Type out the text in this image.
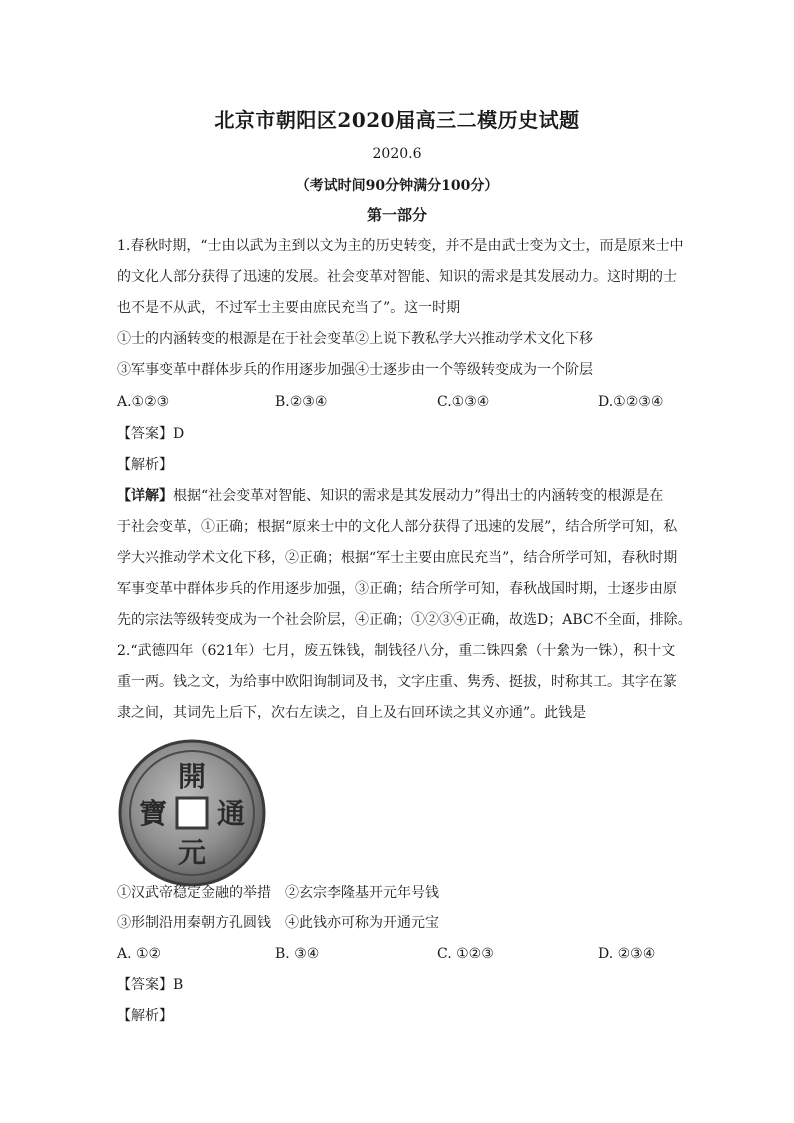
北京市朝阳区2020届高三二模历史试题
2020.6
（考试时间90分钟满分100分）
第一部分
1.春秋时期，“士由以武为主到以文为主的历史转变，并不是由武士变为文士，而是原来士中
的文化人部分获得了迅速的发展。社会变革对智能、知识的需求是其发展动力。这时期的士
也不是不从武，不过军士主要由庶民充当了”。这一时期
①士的内涵转变的根源是在于社会变革②上说下教私学大兴推动学术文化下移
③军事变革中群体步兵的作用逐步加强④士逐步由一个等级转变成为一个阶层
A.①②③	B.②③④	C.①③④	D.①②③④
【答案】D
【解析】
【详解】根据“社会变革对智能、知识的需求是其发展动力”得出士的内涵转变的根源是在
于社会变革，①正确；根据“原来士中的文化人部分获得了迅速的发展”，结合所学可知，私
学大兴推动学术文化下移，②正确；根据“军士主要由庶民充当”，结合所学可知，春秋时期
军事变革中群体步兵的作用逐步加强，③正确；结合所学可知，春秋战国时期，士逐步由原
先的宗法等级转变成为一个社会阶层，④正确；①②③④正确，故选D；ABC不全面，排除。
2.“武德四年（621年）七月，废五铢钱，制钱径八分，重二铢四絫（十絫为一铢），积十文
重一两。钱之文，为给事中欧阳询制词及书，文字庄重、隽秀、挺拔，时称其工。其字在篆
隶之间，其词先上后下，次右左读之，自上及右回环读之其义亦通”。此钱是
開
元
通
寶
①汉武帝稳定金融的举措　②玄宗李隆基开元年号钱
③形制沿用秦朝方孔圆钱　④此钱亦可称为开通元宝
A. ①②	B. ③④	C. ①②③	D. ②③④
【答案】B
【解析】
